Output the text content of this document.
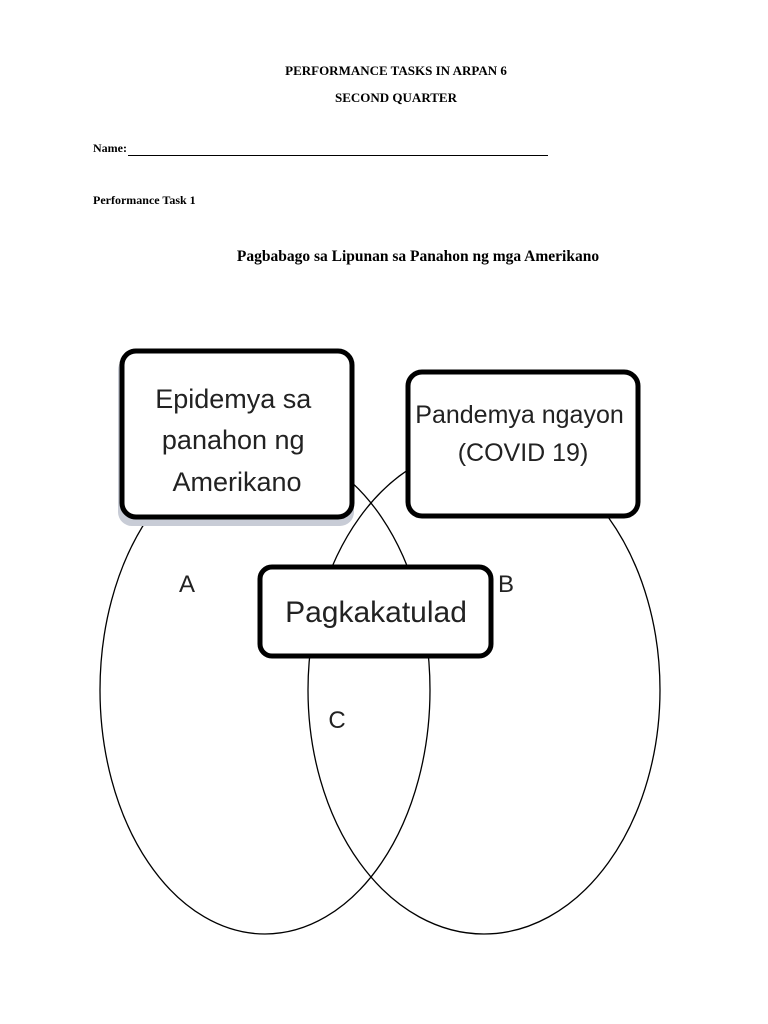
PERFORMANCE TASKS IN ARPAN 6
SECOND QUARTER
Name:
Performance Task 1
Pagbabago sa Lipunan sa Panahon ng mga Amerikano
Epidemya sa panahon ng Amerikano
Pandemya ngayon (COVID 19)
Pagkakatulad
A	B
C
